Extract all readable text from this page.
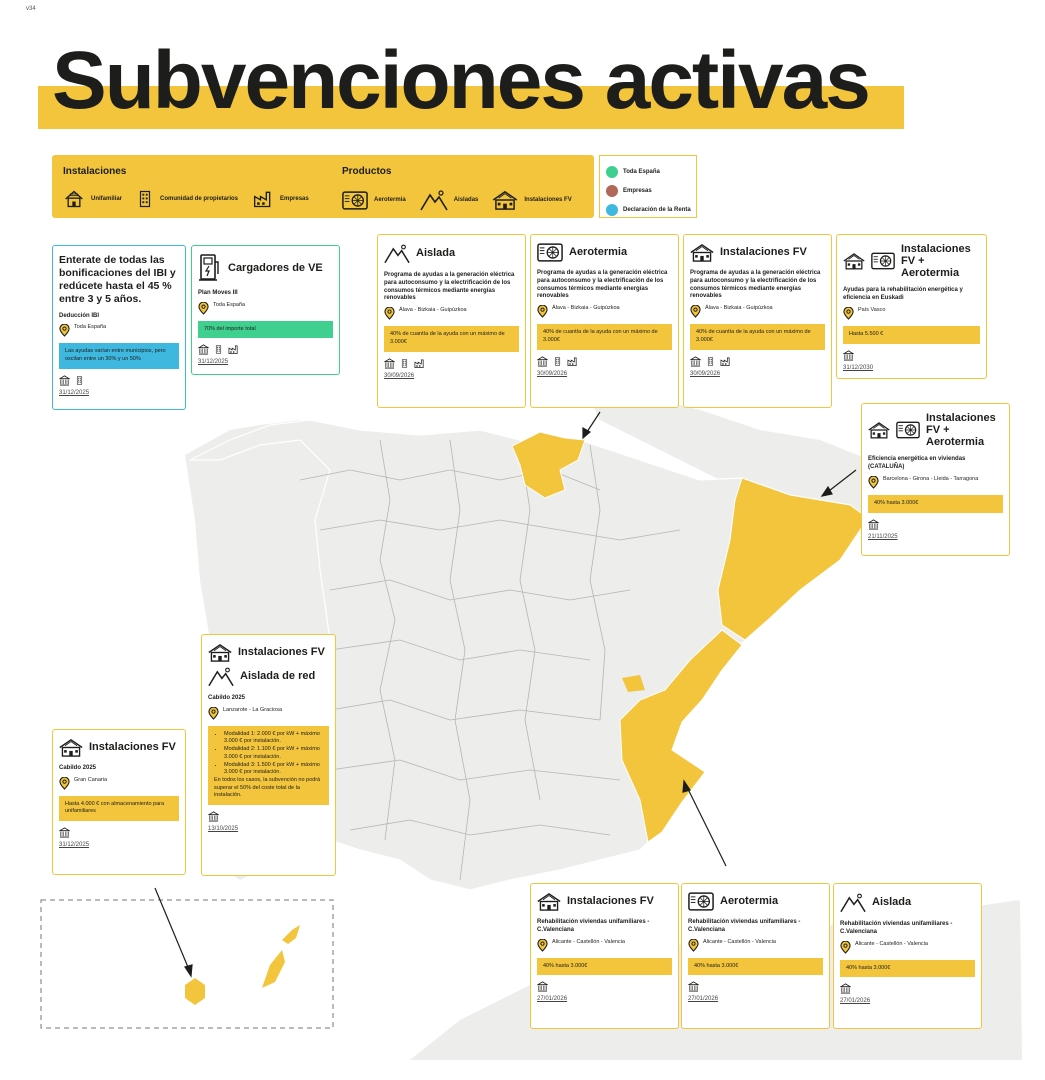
v34
Subvenciones activas
Instalaciones	Productos
Unifamiliar	Comunidad de propietarios	Empresas	Aerotermia	Aisladas	Instalaciones FV
Toda España
Empresas
Declaración de la Renta
Enterate de todas las bonificaciones del IBI y redúcete hasta el 45 % entre 3 y 5 años.
Deducción IBI
Toda España
Las ayudas varían entre municipios, pero oscilan entre un 30% y un 50%
31/12/2025
Cargadores de VE
Plan Moves III
Toda España
70% del importe total
31/12/2025
Aislada
Programa de ayudas a la generación eléctrica para autoconsumo y la electrificación de los consumos térmicos mediante energías renovables
Álava - Bizkaia - Guipúzkoa
40% de cuantía de la ayuda con un máximo de 3.000€
30/09/2026
Aerotermia
Programa de ayudas a la generación eléctrica para autoconsumo y la electrificación de los consumos térmicos mediante energías renovables
Álava - Bizkaia - Guipúzkoa
40% de cuantía de la ayuda con un máximo de 3.000€
30/09/2026
Instalaciones FV
Programa de ayudas a la generación eléctrica para autoconsumo y la electrificación de los consumos térmicos mediante energías renovables
Álava - Bizkaia - Guipúzkoa
40% de cuantía de la ayuda con un máximo de 3.000€
30/09/2026
Instalaciones FV + Aerotermia
Ayudas para la rehabilitación energética y eficiencia en Euskadi
País Vasco
Hasta 5.500 €
31/12/2030
Instalaciones FV + Aerotermia
Eficiencia energética en viviendas (CATALUÑA)
Barcelona - Girona - Lleida - Tarragona
40% hasta 3.000€
21/11/2025
Instalaciones FV
Aislada de red
Cabildo 2025
Lanzarote - La Graciosa
• Modalidad 1: 2.000 € por kW + máximo 3.000 € por instalación.
• Modalidad 2: 1.100 € por kW + máximo 3.000 € por instalación.
• Modalidad 3: 1.500 € por kW + máximo 3.000 € por instalación.
En todos los casos, la subvención no podrá superar el 50% del coste total de la instalación.
13/10/2025
Instalaciones FV
Cabildo 2025
Gran Canaria
Hasta 4.000 € con almacenamiento para unifamiliares
31/12/2025
Instalaciones FV
Rehabilitación viviendas unifamiliares - C.Valenciana
Alicante - Castellón - Valencia
40% hasta 3.000€
27/01/2026
Aerotermia
Rehabilitación viviendas unifamiliares - C.Valenciana
Alicante - Castellón - Valencia
40% hasta 3.000€
27/01/2026
Aislada
Rehabilitación viviendas unifamiliares - C.Valenciana
Alicante - Castellón - Valencia
40% hasta 3.000€
27/01/2026
